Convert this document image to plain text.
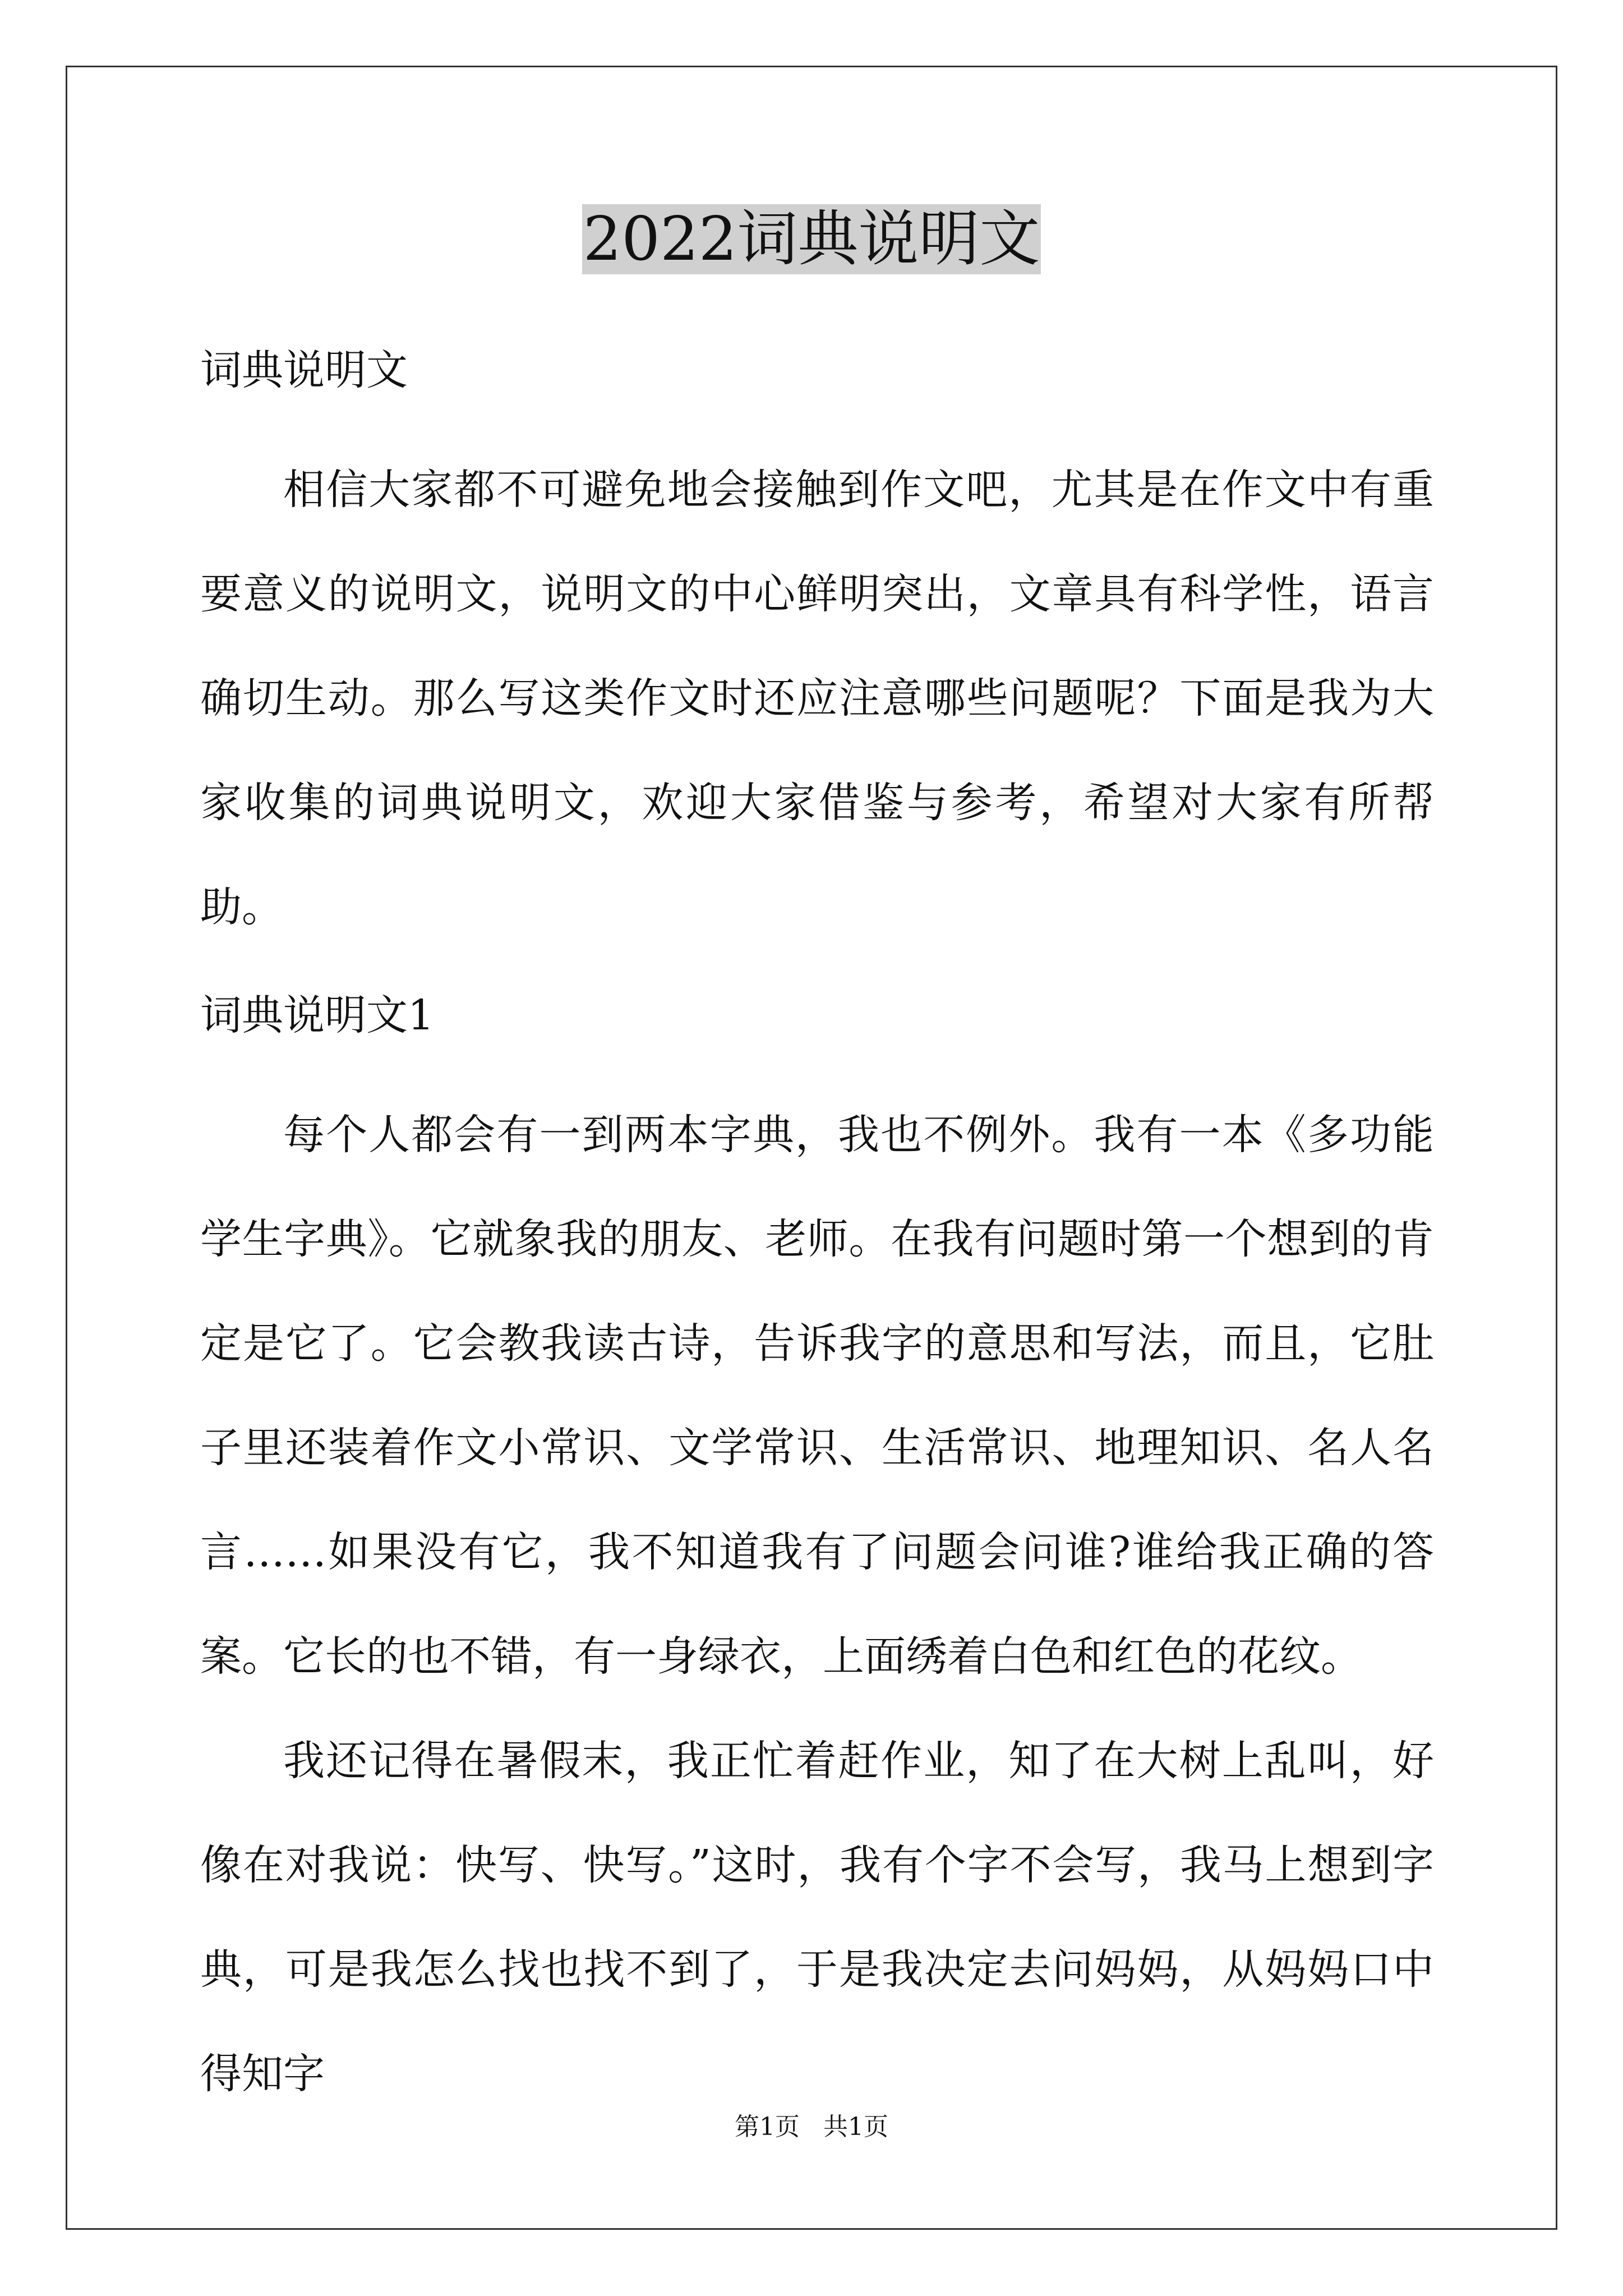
2022词典说明文
词典说明文

相信大家都不可避免地会接触到作文吧，尤其是在作文中有重要意义的说明文，说明文的中心鲜明突出，文章具有科学性，语言确切生动。那么写这类作文时还应注意哪些问题呢？下面是我为大家收集的词典说明文，欢迎大家借鉴与参考，希望对大家有所帮助。

词典说明文1

每个人都会有一到两本字典，我也不例外。我有一本《多功能学生字典》。它就象我的朋友、老师。在我有问题时第一个想到的肯定是它了。它会教我读古诗，告诉我字的意思和写法，而且，它肚子里还装着作文小常识、文学常识、生活常识、地理知识、名人名言……如果没有它，我不知道我有了问题会问谁?谁给我正确的答案。它长的也不错，有一身绿衣，上面绣着白色和红色的花纹。

我还记得在暑假末，我正忙着赶作业，知了在大树上乱叫，好像在对我说：快写、快写。”这时，我有个字不会写，我马上想到字典，可是我怎么找也找不到了，于是我决定去问妈妈，从妈妈口中得知字

第1页   共1页
